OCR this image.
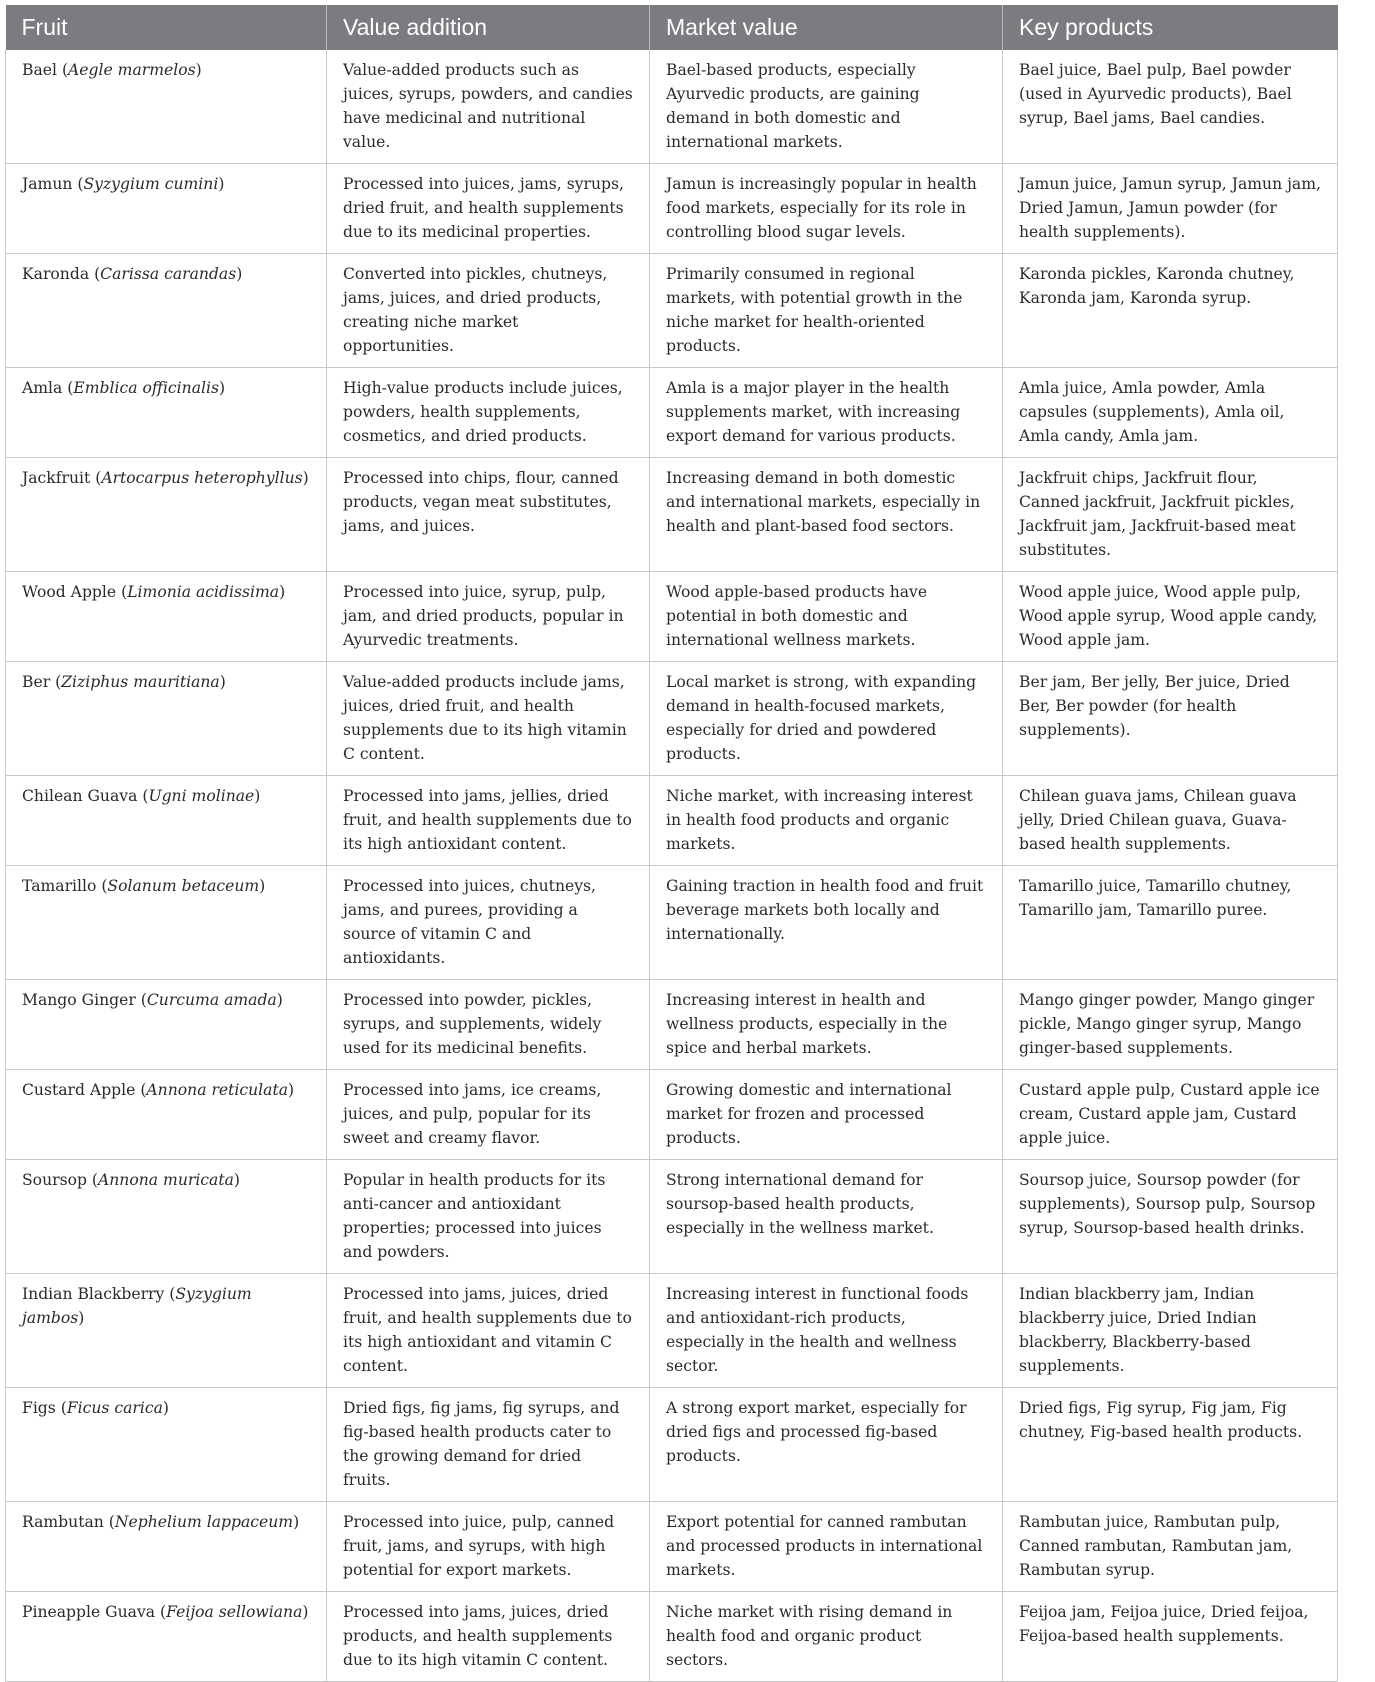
Fruit	Value addition	Market value	Key products
Bael (Aegle marmelos)	Value-added products such as juices, syrups, powders, and candies have medicinal and nutritional value.	Bael-based products, especially Ayurvedic products, are gaining demand in both domestic and international markets.	Bael juice, Bael pulp, Bael powder (used in Ayurvedic products), Bael syrup, Bael jams, Bael candies.
Jamun (Syzygium cumini)	Processed into juices, jams, syrups, dried fruit, and health supplements due to its medicinal properties.	Jamun is increasingly popular in health food markets, especially for its role in controlling blood sugar levels.	Jamun juice, Jamun syrup, Jamun jam, Dried Jamun, Jamun powder (for health supplements).
Karonda (Carissa carandas)	Converted into pickles, chutneys, jams, juices, and dried products, creating niche market opportunities.	Primarily consumed in regional markets, with potential growth in the niche market for health-oriented products.	Karonda pickles, Karonda chutney, Karonda jam, Karonda syrup.
Amla (Emblica officinalis)	High-value products include juices, powders, health supplements, cosmetics, and dried products.	Amla is a major player in the health supplements market, with increasing export demand for various products.	Amla juice, Amla powder, Amla capsules (supplements), Amla oil, Amla candy, Amla jam.
Jackfruit (Artocarpus heterophyllus)	Processed into chips, flour, canned products, vegan meat substitutes, jams, and juices.	Increasing demand in both domestic and international markets, especially in health and plant-based food sectors.	Jackfruit chips, Jackfruit flour, Canned jackfruit, Jackfruit pickles, Jackfruit jam, Jackfruit-based meat substitutes.
Wood Apple (Limonia acidissima)	Processed into juice, syrup, pulp, jam, and dried products, popular in Ayurvedic treatments.	Wood apple-based products have potential in both domestic and international wellness markets.	Wood apple juice, Wood apple pulp, Wood apple syrup, Wood apple candy, Wood apple jam.
Ber (Ziziphus mauritiana)	Value-added products include jams, juices, dried fruit, and health supplements due to its high vitamin C content.	Local market is strong, with expanding demand in health-focused markets, especially for dried and powdered products.	Ber jam, Ber jelly, Ber juice, Dried Ber, Ber powder (for health supplements).
Chilean Guava (Ugni molinae)	Processed into jams, jellies, dried fruit, and health supplements due to its high antioxidant content.	Niche market, with increasing interest in health food products and organic markets.	Chilean guava jams, Chilean guava jelly, Dried Chilean guava, Guava-based health supplements.
Tamarillo (Solanum betaceum)	Processed into juices, chutneys, jams, and purees, providing a source of vitamin C and antioxidants.	Gaining traction in health food and fruit beverage markets both locally and internationally.	Tamarillo juice, Tamarillo chutney, Tamarillo jam, Tamarillo puree.
Mango Ginger (Curcuma amada)	Processed into powder, pickles, syrups, and supplements, widely used for its medicinal benefits.	Increasing interest in health and wellness products, especially in the spice and herbal markets.	Mango ginger powder, Mango ginger pickle, Mango ginger syrup, Mango ginger-based supplements.
Custard Apple (Annona reticulata)	Processed into jams, ice creams, juices, and pulp, popular for its sweet and creamy flavor.	Growing domestic and international market for frozen and processed products.	Custard apple pulp, Custard apple ice cream, Custard apple jam, Custard apple juice.
Soursop (Annona muricata)	Popular in health products for its anti-cancer and antioxidant properties; processed into juices and powders.	Strong international demand for soursop-based health products, especially in the wellness market.	Soursop juice, Soursop powder (for supplements), Soursop pulp, Soursop syrup, Soursop-based health drinks.
Indian Blackberry (Syzygium jambos)	Processed into jams, juices, dried fruit, and health supplements due to its high antioxidant and vitamin C content.	Increasing interest in functional foods and antioxidant-rich products, especially in the health and wellness sector.	Indian blackberry jam, Indian blackberry juice, Dried Indian blackberry, Blackberry-based supplements.
Figs (Ficus carica)	Dried figs, fig jams, fig syrups, and fig-based health products cater to the growing demand for dried fruits.	A strong export market, especially for dried figs and processed fig-based products.	Dried figs, Fig syrup, Fig jam, Fig chutney, Fig-based health products.
Rambutan (Nephelium lappaceum)	Processed into juice, pulp, canned fruit, jams, and syrups, with high potential for export markets.	Export potential for canned rambutan and processed products in international markets.	Rambutan juice, Rambutan pulp, Canned rambutan, Rambutan jam, Rambutan syrup.
Pineapple Guava (Feijoa sellowiana)	Processed into jams, juices, dried products, and health supplements due to its high vitamin C content.	Niche market with rising demand in health food and organic product sectors.	Feijoa jam, Feijoa juice, Dried feijoa, Feijoa-based health supplements.
